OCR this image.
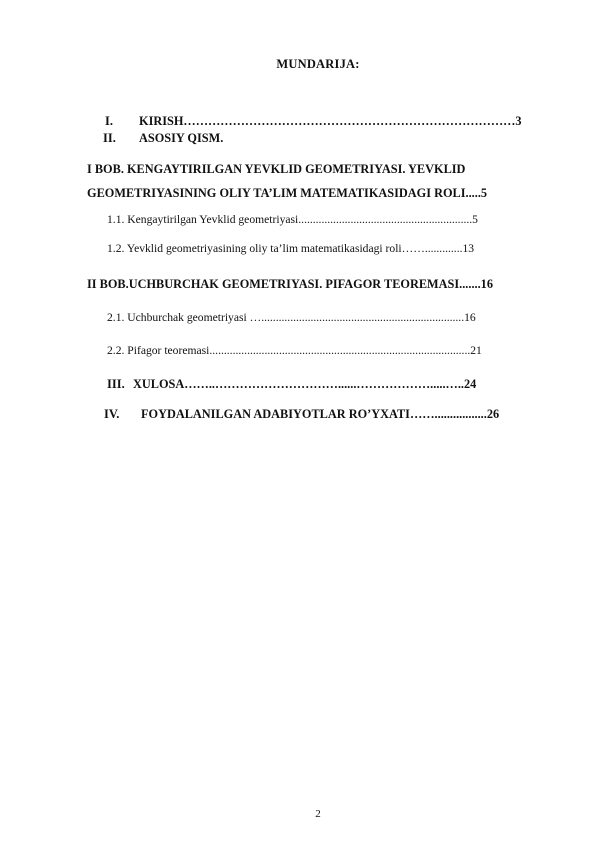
MUNDARIJA:
I. KIRISH………………………………………………………………………3
II. ASOSIY QISM.
I BOB. KENGAYTIRILGAN YEVKLID GEOMETRIYASI. YEVKLID
GEOMETRIYASINING OLIY TA’LIM MATEMATIKASIDAGI ROLI.....5
1.1. Kengaytirilgan Yevklid geometriyasi............................................................5
1.2. Yevklid geometriyasining oliy ta’lim matematikasidagi roli…….............13
II BOB.UCHBURCHAK GEOMETRIYASI. PIFAGOR TEOREMASI.......16
2.1. Uchburchak geometriyasi …......................................................................16
2.2. Pifagor teoremasi..........................................................................................21
III. XULOSA……..…………………………......……………….....…..24
IV. FOYDALANILGAN ADABIYOTLAR RO’YXATI…….................26
2
